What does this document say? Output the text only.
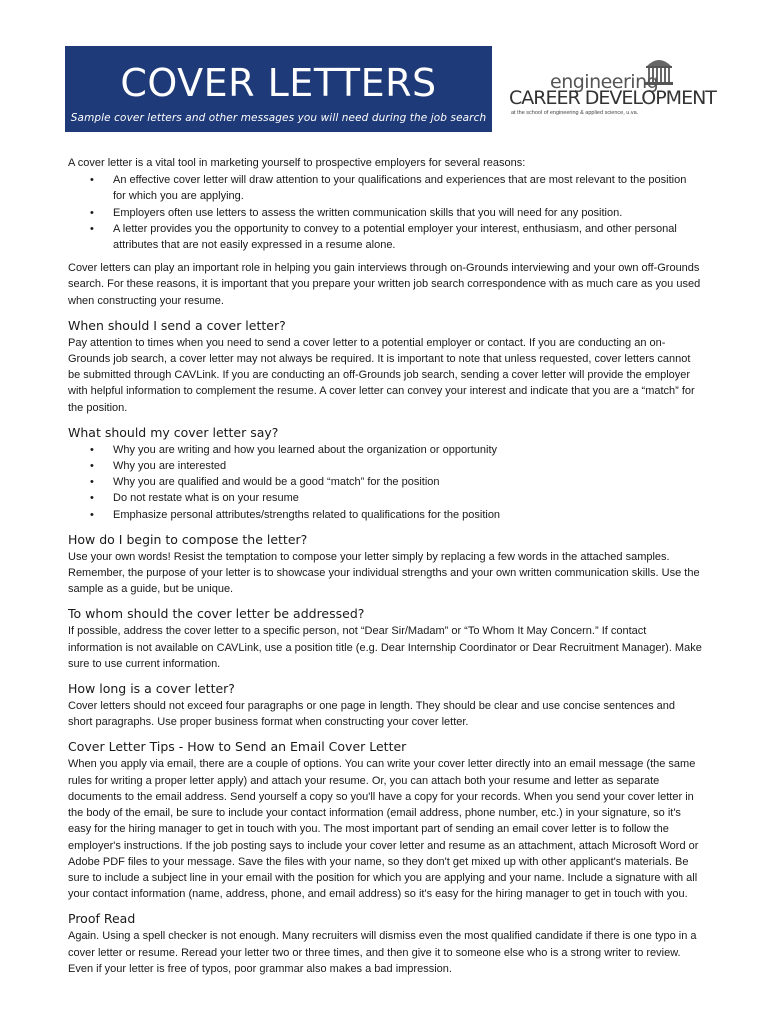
COVER LETTERS
Sample cover letters and other messages you will need during the job search
engineering
CAREER DEVELOPMENT
at the school of engineering & applied science, u.va.

A cover letter is a vital tool in marketing yourself to prospective employers for several reasons:

• An effective cover letter will draw attention to your qualifications and experiences that are most relevant to the position for which you are applying.
• Employers often use letters to assess the written communication skills that you will need for any position.
• A letter provides you the opportunity to convey to a potential employer your interest, enthusiasm, and other personal attributes that are not easily expressed in a resume alone.

Cover letters can play an important role in helping you gain interviews through on-Grounds interviewing and your own off-Grounds search. For these reasons, it is important that you prepare your written job search correspondence with as much care as you used when constructing your resume.

When should I send a cover letter?

Pay attention to times when you need to send a cover letter to a potential employer or contact. If you are conducting an on-Grounds job search, a cover letter may not always be required. It is important to note that unless requested, cover letters cannot be submitted through CAVLink. If you are conducting an off-Grounds job search, sending a cover letter will provide the employer with helpful information to complement the resume. A cover letter can convey your interest and indicate that you are a “match” for the position.

What should my cover letter say?
• Why you are writing and how you learned about the organization or opportunity
• Why you are interested
• Why you are qualified and would be a good “match” for the position
• Do not restate what is on your resume
• Emphasize personal attributes/strengths related to qualifications for the position
How do I begin to compose the letter?

Use your own words! Resist the temptation to compose your letter simply by replacing a few words in the attached samples. Remember, the purpose of your letter is to showcase your individual strengths and your own written communication skills. Use the sample as a guide, but be unique.

To whom should the cover letter be addressed?

If possible, address the cover letter to a specific person, not “Dear Sir/Madam” or “To Whom It May Concern.” If contact information is not available on CAVLink, use a position title (e.g. Dear Internship Coordinator or Dear Recruitment Manager). Make sure to use current information.

How long is a cover letter?

Cover letters should not exceed four paragraphs or one page in length. They should be clear and use concise sentences and short paragraphs. Use proper business format when constructing your cover letter.

Cover Letter Tips - How to Send an Email Cover Letter

When you apply via email, there are a couple of options. You can write your cover letter directly into an email message (the same rules for writing a proper letter apply) and attach your resume. Or, you can attach both your resume and letter as separate documents to the email address. Send yourself a copy so you'll have a copy for your records. When you send your cover letter in the body of the email, be sure to include your contact information (email address, phone number, etc.) in your signature, so it's easy for the hiring manager to get in touch with you. The most important part of sending an email cover letter is to follow the employer's instructions. If the job posting says to include your cover letter and resume as an attachment, attach Microsoft Word or Adobe PDF files to your message. Save the files with your name, so they don't get mixed up with other applicant's materials. Be sure to include a subject line in your email with the position for which you are applying and your name. Include a signature with all your contact information (name, address, phone, and email address) so it's easy for the hiring manager to get in touch with you.

Proof Read

Again. Using a spell checker is not enough. Many recruiters will dismiss even the most qualified candidate if there is one typo in a cover letter or resume. Reread your letter two or three times, and then give it to someone else who is a strong writer to review. Even if your letter is free of typos, poor grammar also makes a bad impression.
